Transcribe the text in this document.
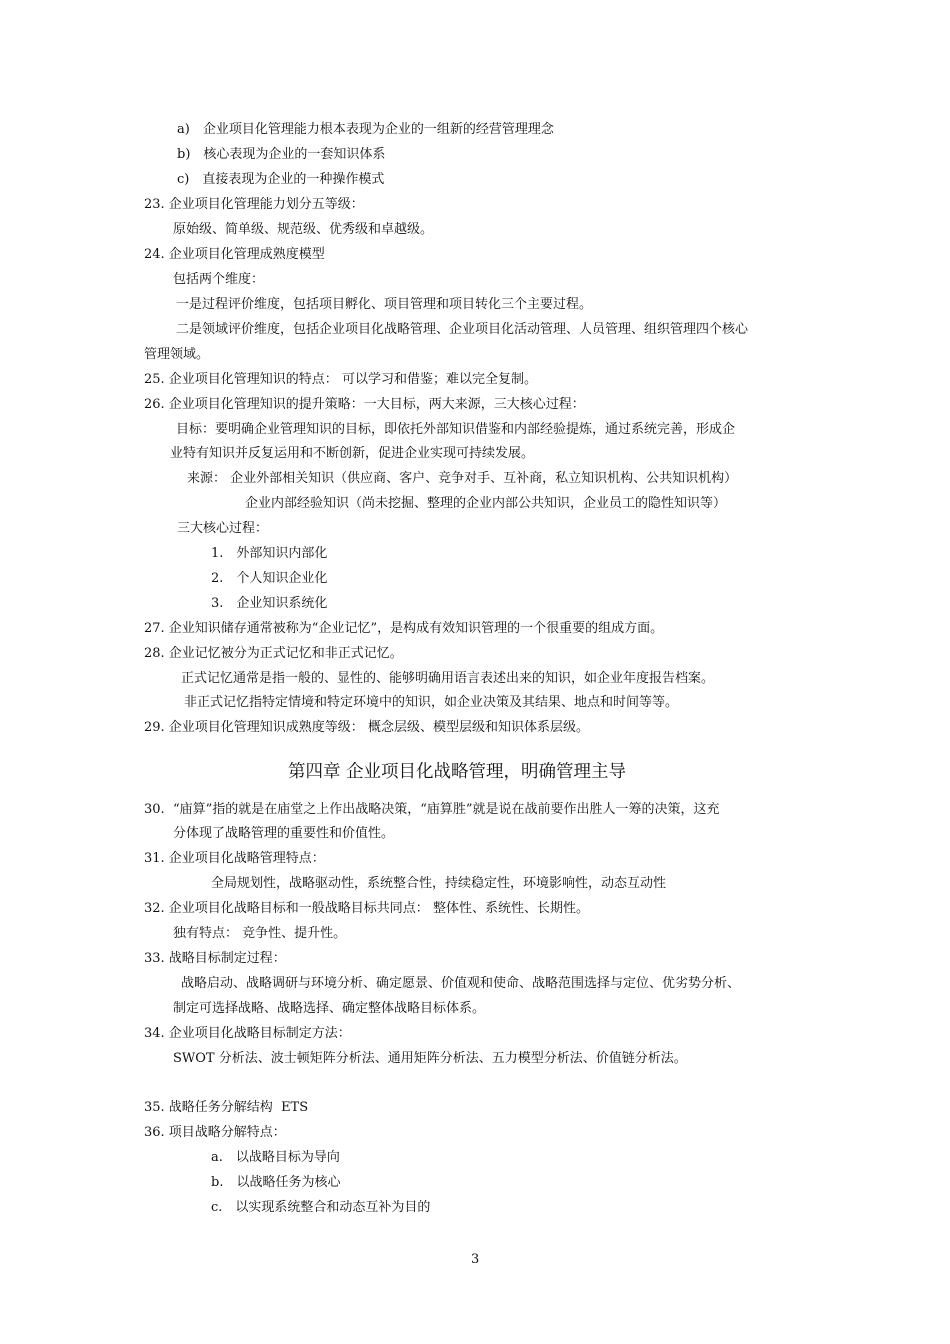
a)　企业项目化管理能力根本表现为企业的一组新的经营管理理念
b)　核心表现为企业的一套知识体系
c)　直接表现为企业的一种操作模式
23. 企业项目化管理能力划分五等级：
原始级、简单级、规范级、优秀级和卓越级。
24. 企业项目化管理成熟度模型
包括两个维度：
一是过程评价维度，包括项目孵化、项目管理和项目转化三个主要过程。
二是领域评价维度，包括企业项目化战略管理、企业项目化活动管理、人员管理、组织管理四个核心
管理领域。
25. 企业项目化管理知识的特点： 可以学习和借鉴；难以完全复制。
26. 企业项目化管理知识的提升策略：一大目标，两大来源，三大核心过程：
目标：要明确企业管理知识的目标，即依托外部知识借鉴和内部经验提炼，通过系统完善，形成企
业特有知识并反复运用和不断创新，促进企业实现可持续发展。
来源： 企业外部相关知识（供应商、客户、竞争对手、互补商，私立知识机构、公共知识机构）
企业内部经验知识（尚未挖掘、整理的企业内部公共知识，企业员工的隐性知识等）
三大核心过程：
1.　外部知识内部化
2.　个人知识企业化
3.　企业知识系统化
27. 企业知识储存通常被称为“企业记忆”，是构成有效知识管理的一个很重要的组成方面。
28. 企业记忆被分为正式记忆和非正式记忆。
正式记忆通常是指一般的、显性的、能够明确用语言表述出来的知识，如企业年度报告档案。
非正式记忆指特定情境和特定环境中的知识，如企业决策及其结果、地点和时间等等。
29. 企业项目化管理知识成熟度等级： 概念层级、模型层级和知识体系层级。
第四章 企业项目化战略管理，明确管理主导
30.  “庙算”指的就是在庙堂之上作出战略决策，“庙算胜”就是说在战前要作出胜人一筹的决策，这充
分体现了战略管理的重要性和价值性。
31. 企业项目化战略管理特点：
全局规划性，战略驱动性，系统整合性，持续稳定性，环境影响性，动态互动性
32. 企业项目化战略目标和一般战略目标共同点： 整体性、系统性、长期性。
独有特点： 竞争性、提升性。
33. 战略目标制定过程：
战略启动、战略调研与环境分析、确定愿景、价值观和使命、战略范围选择与定位、优劣势分析、
制定可选择战略、战略选择、确定整体战略目标体系。
34. 企业项目化战略目标制定方法：
SWOT 分析法、波士顿矩阵分析法、通用矩阵分析法、五力模型分析法、价值链分析法。
35. 战略任务分解结构  ETS
36. 项目战略分解特点：
a.　以战略目标为导向
b.　以战略任务为核心
c.　以实现系统整合和动态互补为目的
3
